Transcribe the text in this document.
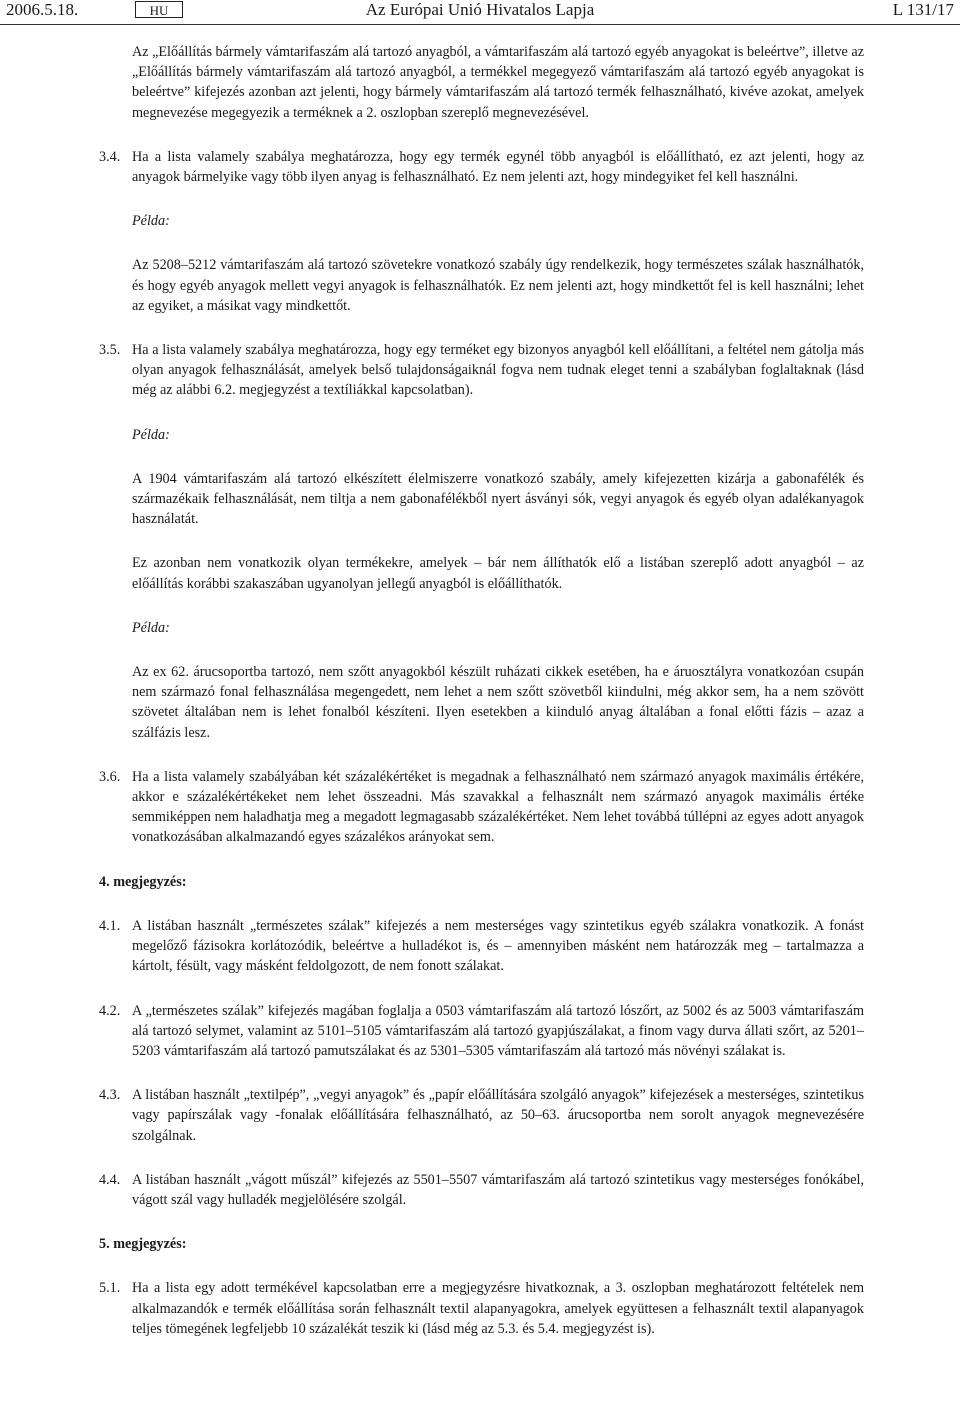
2006.5.18.	HU	Az Európai Unió Hivatalos Lapja	L 131/17

Az „Előállítás bármely vámtarifaszám alá tartozó anyagból, a vámtarifaszám alá tartozó egyéb anyagokat is beleértve”, illetve az „Előállítás bármely vámtarifaszám alá tartozó anyagból, a termékkel megegyező vámtarifaszám alá tartozó egyéb anyagokat is beleértve” kifejezés azonban azt jelenti, hogy bármely vámtarifaszám alá tartozó termék felhasználható, kivéve azokat, amelyek megnevezése megegyezik a terméknek a 2. oszlopban szereplő megnevezésével.

3.4. Ha a lista valamely szabálya meghatározza, hogy egy termék egynél több anyagból is előállítható, ez azt jelenti, hogy az anyagok bármelyike vagy több ilyen anyag is felhasználható. Ez nem jelenti azt, hogy mindegyiket fel kell használni.

Példa:

Az 5208–5212 vámtarifaszám alá tartozó szövetekre vonatkozó szabály úgy rendelkezik, hogy természetes szálak használhatók, és hogy egyéb anyagok mellett vegyi anyagok is felhasználhatók. Ez nem jelenti azt, hogy mindkettőt fel is kell használni; lehet az egyiket, a másikat vagy mindkettőt.

3.5. Ha a lista valamely szabálya meghatározza, hogy egy terméket egy bizonyos anyagból kell előállítani, a feltétel nem gátolja más olyan anyagok felhasználását, amelyek belső tulajdonságaiknál fogva nem tudnak eleget tenni a szabályban foglaltaknak (lásd még az alábbi 6.2. megjegyzést a textíliákkal kapcsolatban).

Példa:

A 1904 vámtarifaszám alá tartozó elkészített élelmiszerre vonatkozó szabály, amely kifejezetten kizárja a gabonafélék és származékaik felhasználását, nem tiltja a nem gabonafélékből nyert ásványi sók, vegyi anyagok és egyéb olyan adalékanyagok használatát.

Ez azonban nem vonatkozik olyan termékekre, amelyek – bár nem állíthatók elő a listában szereplő adott anyagból – az előállítás korábbi szakaszában ugyanolyan jellegű anyagból is előállíthatók.

Példa:

Az ex 62. árucsoportba tartozó, nem szőtt anyagokból készült ruházati cikkek esetében, ha e áruosztályra vonatkozóan csupán nem származó fonal felhasználása megengedett, nem lehet a nem szőtt szövetből kiindulni, még akkor sem, ha a nem szövött szövetet általában nem is lehet fonalból készíteni. Ilyen esetekben a kiinduló anyag általában a fonal előtti fázis – azaz a szálfázis lesz.

3.6. Ha a lista valamely szabályában két százalékértéket is megadnak a felhasználható nem származó anyagok maximális értékére, akkor e százalékértékeket nem lehet összeadni. Más szavakkal a felhasznált nem származó anyagok maximális értéke semmiképpen nem haladhatja meg a megadott legmagasabb százalékértéket. Nem lehet továbbá túllépni az egyes adott anyagok vonatkozásában alkalmazandó egyes százalékos arányokat sem.

4. megjegyzés:

4.1. A listában használt „természetes szálak” kifejezés a nem mesterséges vagy szintetikus egyéb szálakra vonatkozik. A fonást megelőző fázisokra korlátozódik, beleértve a hulladékot is, és – amennyiben másként nem határozzák meg – tartalmazza a kártolt, fésült, vagy másként feldolgozott, de nem fonott szálakat.

4.2. A „természetes szálak” kifejezés magában foglalja a 0503 vámtarifaszám alá tartozó lószőrt, az 5002 és az 5003 vámtarifaszám alá tartozó selymet, valamint az 5101–5105 vámtarifaszám alá tartozó gyapjúszálakat, a finom vagy durva állati szőrt, az 5201–5203 vámtarifaszám alá tartozó pamutszálakat és az 5301–5305 vámtarifaszám alá tartozó más növényi szálakat is.

4.3. A listában használt „textilpép”, „vegyi anyagok” és „papír előállítására szolgáló anyagok” kifejezések a mesterséges, szintetikus vagy papírszálak vagy -fonalak előállítására felhasználható, az 50–63. árucsoportba nem sorolt anyagok megnevezésére szolgálnak.

4.4. A listában használt „vágott műszál” kifejezés az 5501–5507 vámtarifaszám alá tartozó szintetikus vagy mesterséges fonókábel, vágott szál vagy hulladék megjelölésére szolgál.

5. megjegyzés:

5.1. Ha a lista egy adott termékével kapcsolatban erre a megjegyzésre hivatkoznak, a 3. oszlopban meghatározott feltételek nem alkalmazandók e termék előállítása során felhasznált textil alapanyagokra, amelyek együttesen a felhasznált textil alapanyagok teljes tömegének legfeljebb 10 százalékát teszik ki (lásd még az 5.3. és 5.4. megjegyzést is).
